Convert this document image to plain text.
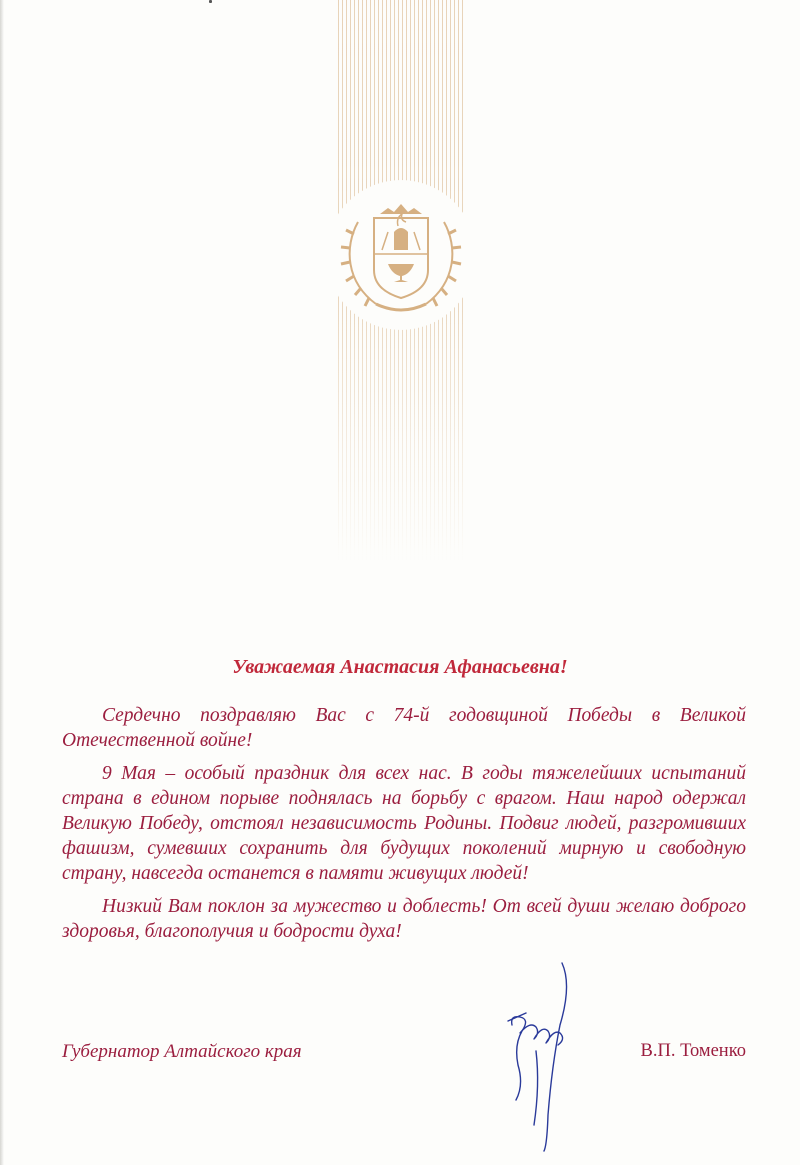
Уважаемая Анастасия Афанасьевна!

Сердечно поздравляю Вас с 74-й годовщиной Победы в Великой Отечественной войне!

9 Мая – особый праздник для всех нас. В годы тяжелейших испытаний страна в едином порыве поднялась на борьбу с врагом. Наш народ одержал Великую Победу, отстоял независимость Родины. Подвиг людей, разгромивших фашизм, сумевших сохранить для будущих поколений мирную и свободную страну, навсегда останется в памяти живущих людей!

Низкий Вам поклон за мужество и доблесть! От всей души желаю доброго здоровья, благополучия и бодрости духа!

Губернатор Алтайского края	В.П. Томенко
